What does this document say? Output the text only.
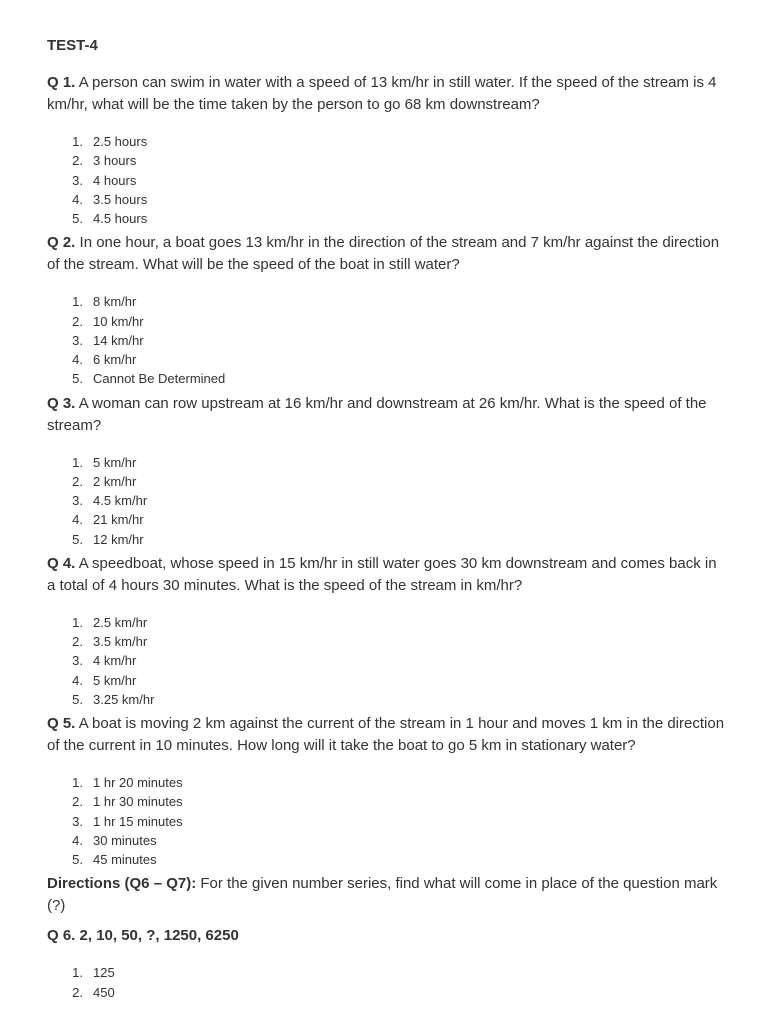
TEST-4

Q 1. A person can swim in water with a speed of 13 km/hr in still water. If the speed of the stream is 4 km/hr, what will be the time taken by the person to go 68 km downstream?

1. 2.5 hours
2. 3 hours
3. 4 hours
4. 3.5 hours
5. 4.5 hours

Q 2. In one hour, a boat goes 13 km/hr in the direction of the stream and 7 km/hr against the direction of the stream. What will be the speed of the boat in still water?

1. 8 km/hr
2. 10 km/hr
3. 14 km/hr
4. 6 km/hr
5. Cannot Be Determined

Q 3. A woman can row upstream at 16 km/hr and downstream at 26 km/hr. What is the speed of the stream?

1. 5 km/hr
2. 2 km/hr
3. 4.5 km/hr
4. 21 km/hr
5. 12 km/hr

Q 4. A speedboat, whose speed in 15 km/hr in still water goes 30 km downstream and comes back in a total of 4 hours 30 minutes. What is the speed of the stream in km/hr?

1. 2.5 km/hr
2. 3.5 km/hr
3. 4 km/hr
4. 5 km/hr
5. 3.25 km/hr

Q 5. A boat is moving 2 km against the current of the stream in 1 hour and moves 1 km in the direction of the current in 10 minutes. How long will it take the boat to go 5 km in stationary water?

1. 1 hr 20 minutes
2. 1 hr 30 minutes
3. 1 hr 15 minutes
4. 30 minutes
5. 45 minutes

Directions (Q6 – Q7): For the given number series, find what will come in place of the question mark (?)

Q 6. 2, 10, 50, ?, 1250, 6250

1. 125
2. 450
